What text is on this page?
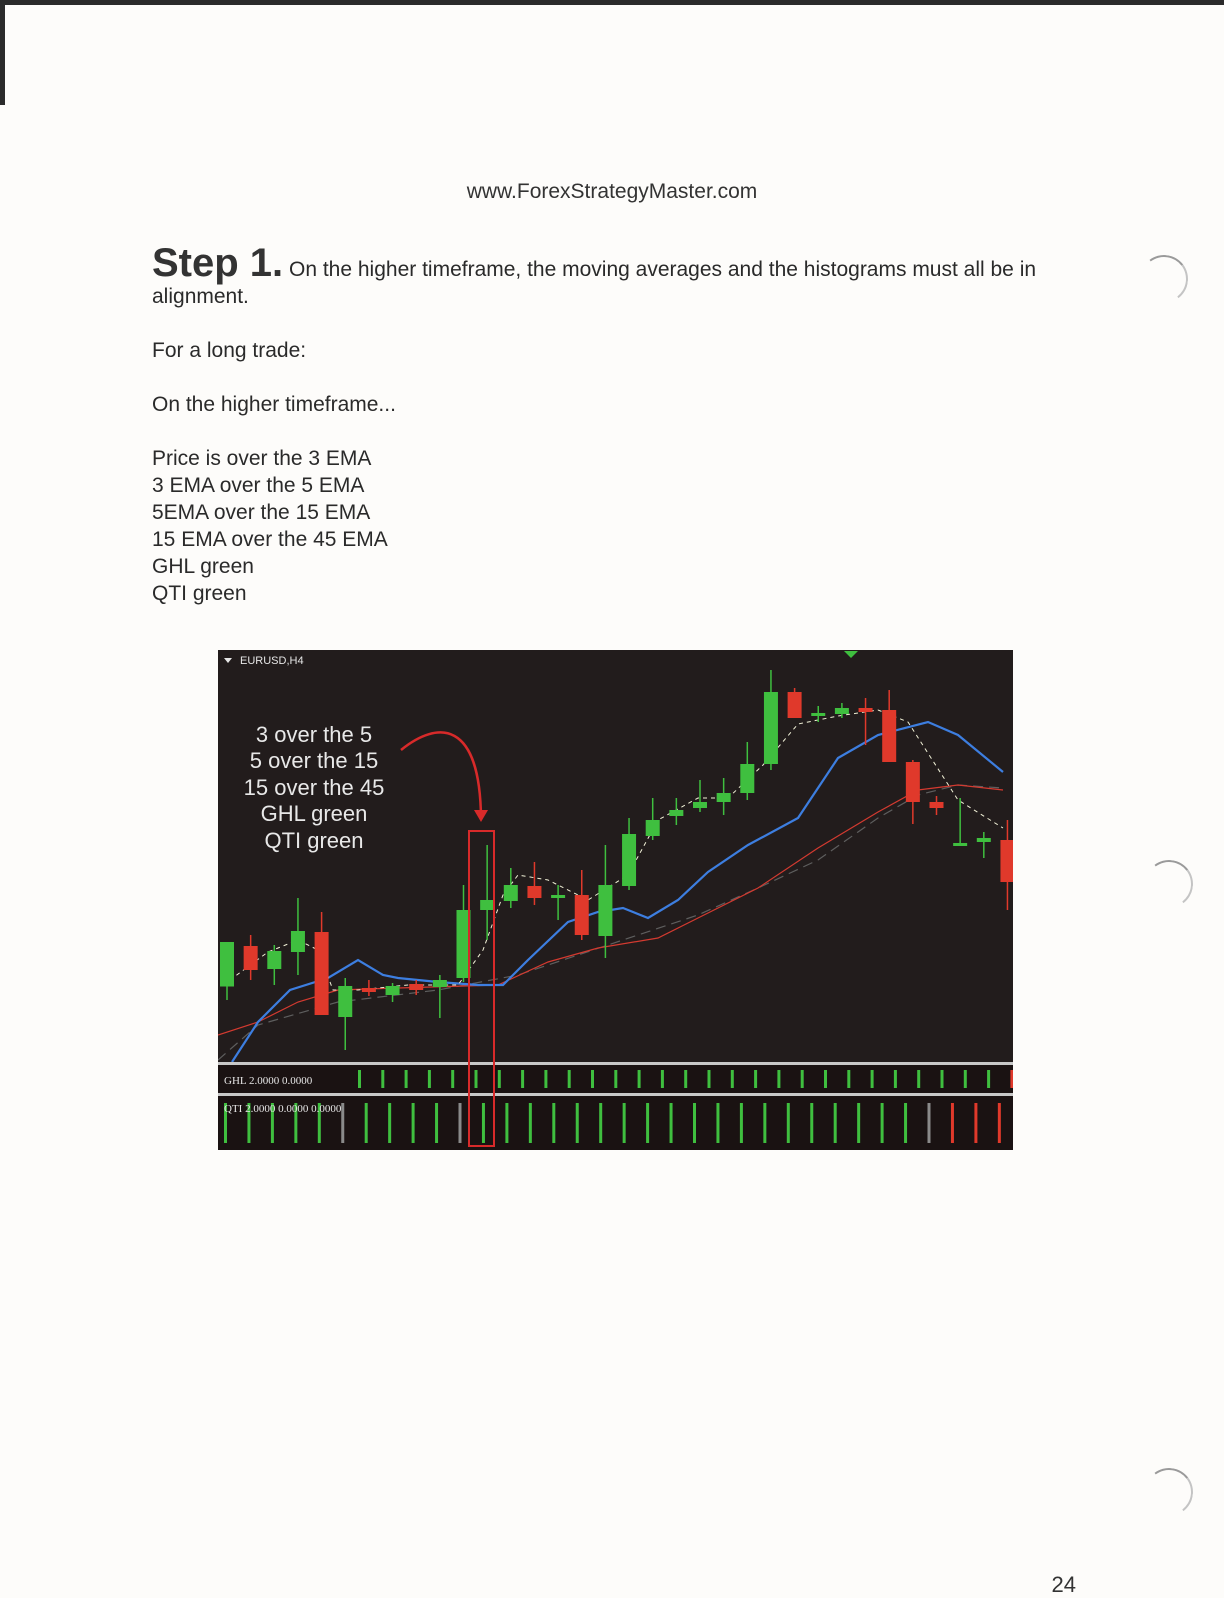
www.ForexStrategyMaster.com
Step 1. On the higher timeframe, the moving averages and the histograms must all be in alignment.
For a long trade:
On the higher timeframe...
Price is over the 3 EMA
3 EMA over the 5 EMA
5EMA over the 15 EMA
15 EMA over the 45 EMA
GHL green
QTI green
EURUSD,H4
3 over the 5
5 over the 15
15 over the 45
GHL green
QTI green
GHL 2.0000 0.0000
QTI 2.0000 0.0000 0.0000
24
